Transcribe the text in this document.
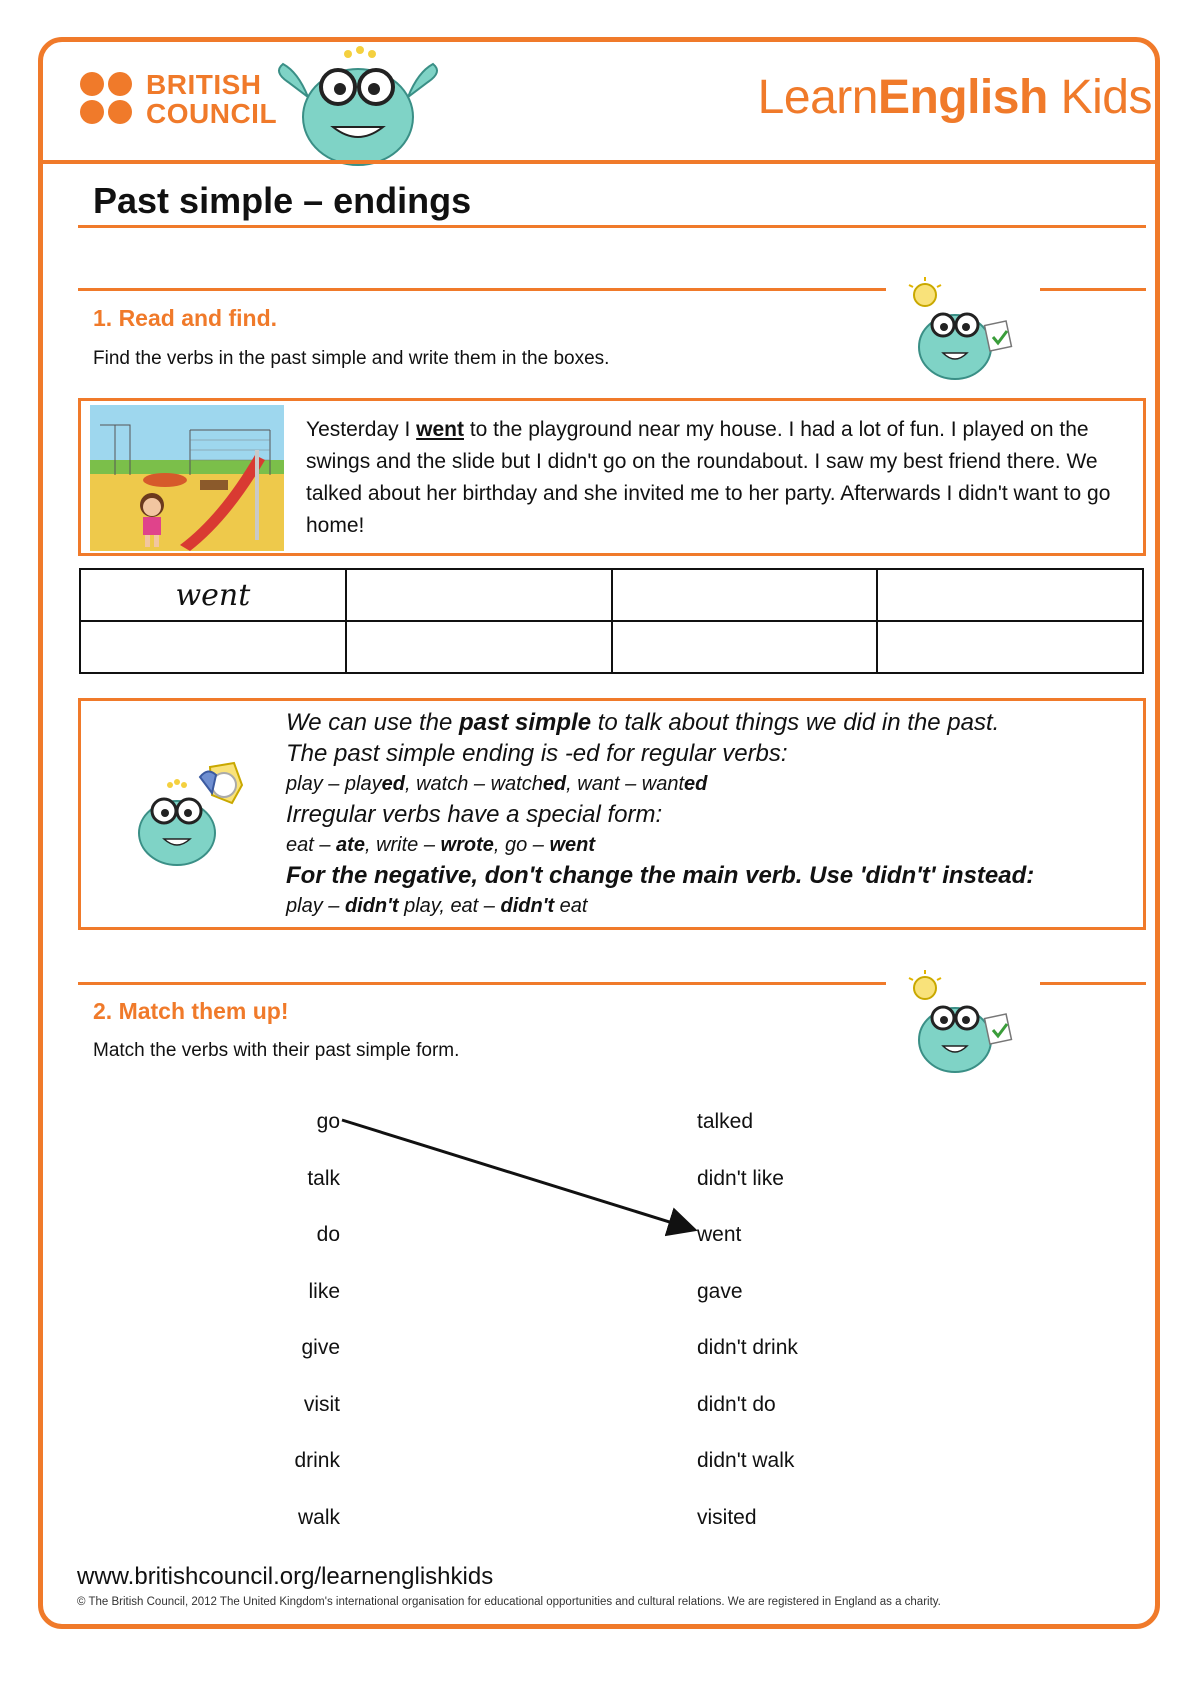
BRITISH
COUNCIL	LearnEnglish Kids
Past simple – endings
1. Read and find.
Find the verbs in the past simple and write them in the boxes.
Yesterday I went to the playground near my house. I had a lot of fun. I played on the swings and the slide but I didn't go on the roundabout. I saw my best friend there. We talked about her birthday and she invited me to her party. Afterwards I didn't want to go home!
went			

We can use the past simple to talk about things we did in the past.
The past simple ending is -ed for regular verbs:
play – played, watch – watched, want – wanted
Irregular verbs have a special form:
eat – ate, write – wrote, go – went
For the negative, don't change the main verb. Use 'didn't' instead:
play – didn't play, eat – didn't eat
2. Match them up!
Match the verbs with their past simple form.
go
talk
do
like
give
visit
drink
walk
talked
didn't like
went
gave
didn't drink
didn't do
didn't walk
visited
www.britishcouncil.org/learnenglishkids
© The British Council, 2012 The United Kingdom's international organisation for educational opportunities and cultural relations. We are registered in England as a charity.
